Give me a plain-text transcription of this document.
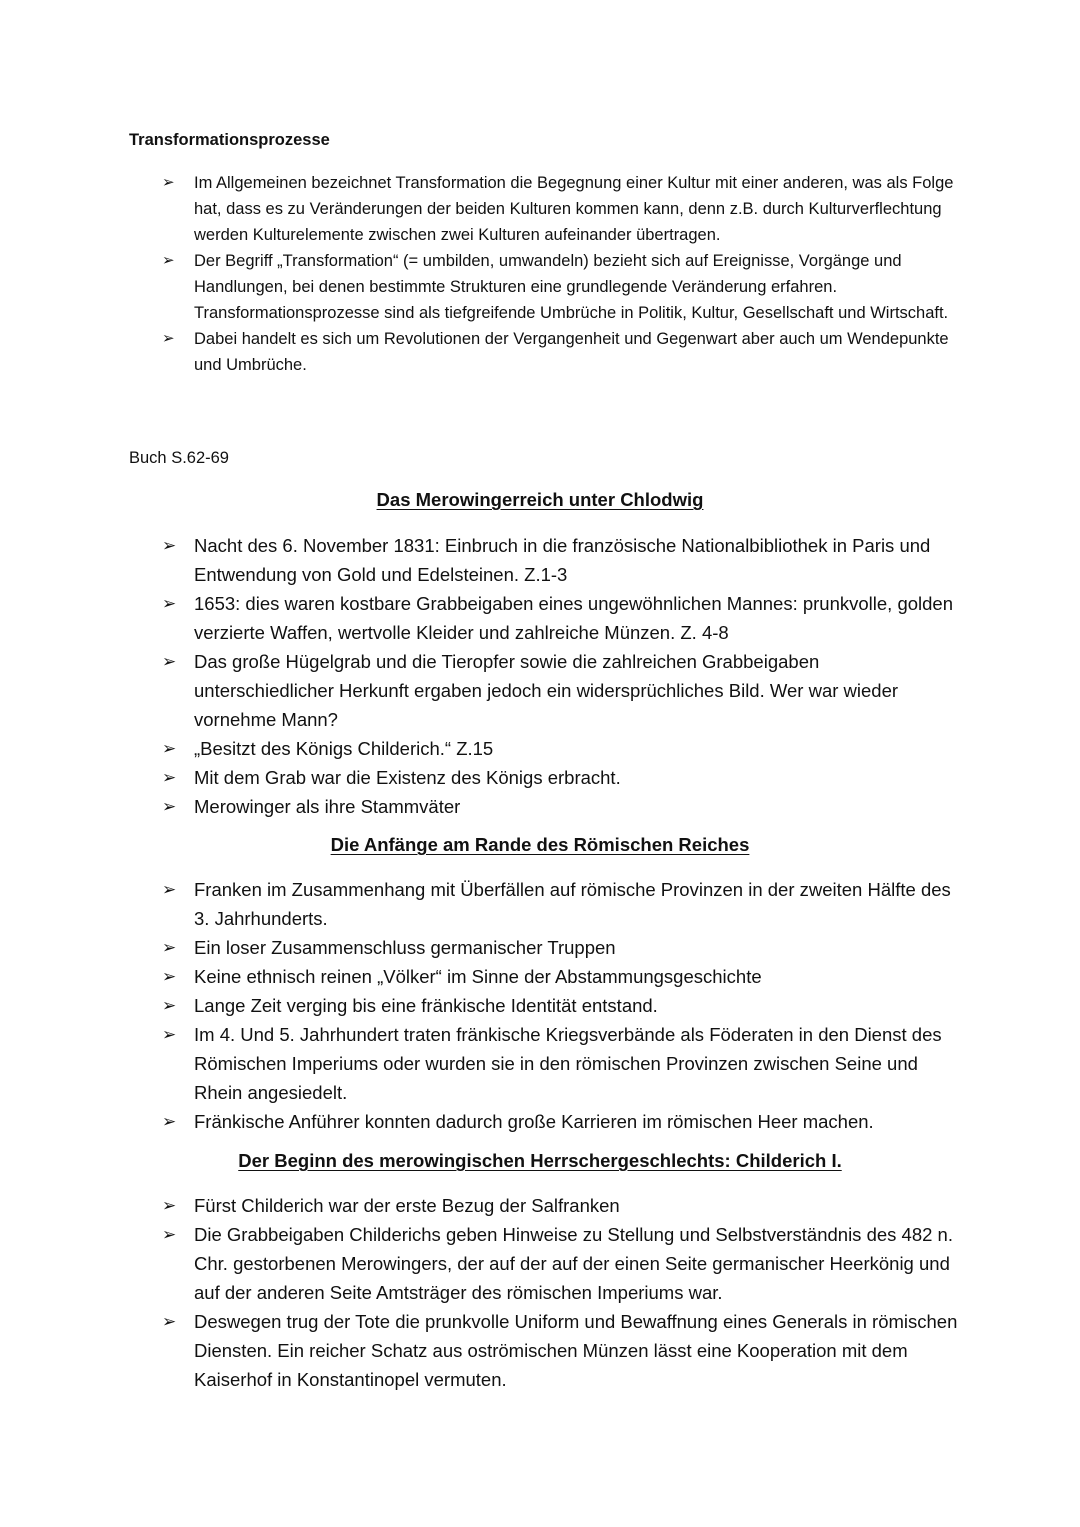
Transformationsprozesse
➢	Im Allgemeinen bezeichnet Transformation die Begegnung einer Kultur mit einer anderen, was als Folge hat, dass es zu Veränderungen der beiden Kulturen kommen kann, denn z.B. durch Kulturverflechtung werden Kulturelemente zwischen zwei Kulturen aufeinander übertragen.
➢	Der Begriff „Transformation“ (= umbilden, umwandeln) bezieht sich auf Ereignisse, Vorgänge und Handlungen, bei denen bestimmte Strukturen eine grundlegende Veränderung erfahren. Transformationsprozesse sind als tiefgreifende Umbrüche in Politik, Kultur, Gesellschaft und Wirtschaft.
➢	Dabei handelt es sich um Revolutionen der Vergangenheit und Gegenwart aber auch um Wendepunkte und Umbrüche.
Buch S.62-69
Das Merowingerreich unter Chlodwig
➢ Nacht des 6. November 1831: Einbruch in die französische Nationalbibliothek in Paris und Entwendung von Gold und Edelsteinen. Z.1-3
➢ 1653: dies waren kostbare Grabbeigaben eines ungewöhnlichen Mannes: prunkvolle, golden verzierte Waffen, wertvolle Kleider und zahlreiche Münzen. Z. 4-8
➢ Das große Hügelgrab und die Tieropfer sowie die zahlreichen Grabbeigaben unterschiedlicher Herkunft ergaben jedoch ein widersprüchliches Bild. Wer war wieder vornehme Mann?
➢ „Besitzt des Königs Childerich.“ Z.15
➢ Mit dem Grab war die Existenz des Königs erbracht.
➢ Merowinger als ihre Stammväter
Die Anfänge am Rande des Römischen Reiches
➢ Franken im Zusammenhang mit Überfällen auf römische Provinzen in der zweiten Hälfte des 3. Jahrhunderts.
➢ Ein loser Zusammenschluss germanischer Truppen
➢ Keine ethnisch reinen „Völker“ im Sinne der Abstammungsgeschichte
➢ Lange Zeit verging bis eine fränkische Identität entstand.
➢ Im 4. Und 5. Jahrhundert traten fränkische Kriegsverbände als Föderaten in den Dienst des Römischen Imperiums oder wurden sie in den römischen Provinzen zwischen Seine und Rhein angesiedelt.
➢ Fränkische Anführer konnten dadurch große Karrieren im römischen Heer machen.
Der Beginn des merowingischen Herrschergeschlechts: Childerich I.
➢ Fürst Childerich war der erste Bezug der Salfranken
➢ Die Grabbeigaben Childerichs geben Hinweise zu Stellung und Selbstverständnis des 482 n. Chr. gestorbenen Merowingers, der auf der auf der einen Seite germanischer Heerkönig und auf der anderen Seite Amtsträger des römischen Imperiums war.
➢ Deswegen trug der Tote die prunkvolle Uniform und Bewaffnung eines Generals in römischen Diensten. Ein reicher Schatz aus oströmischen Münzen lässt eine Kooperation mit dem Kaiserhof in Konstantinopel vermuten.
